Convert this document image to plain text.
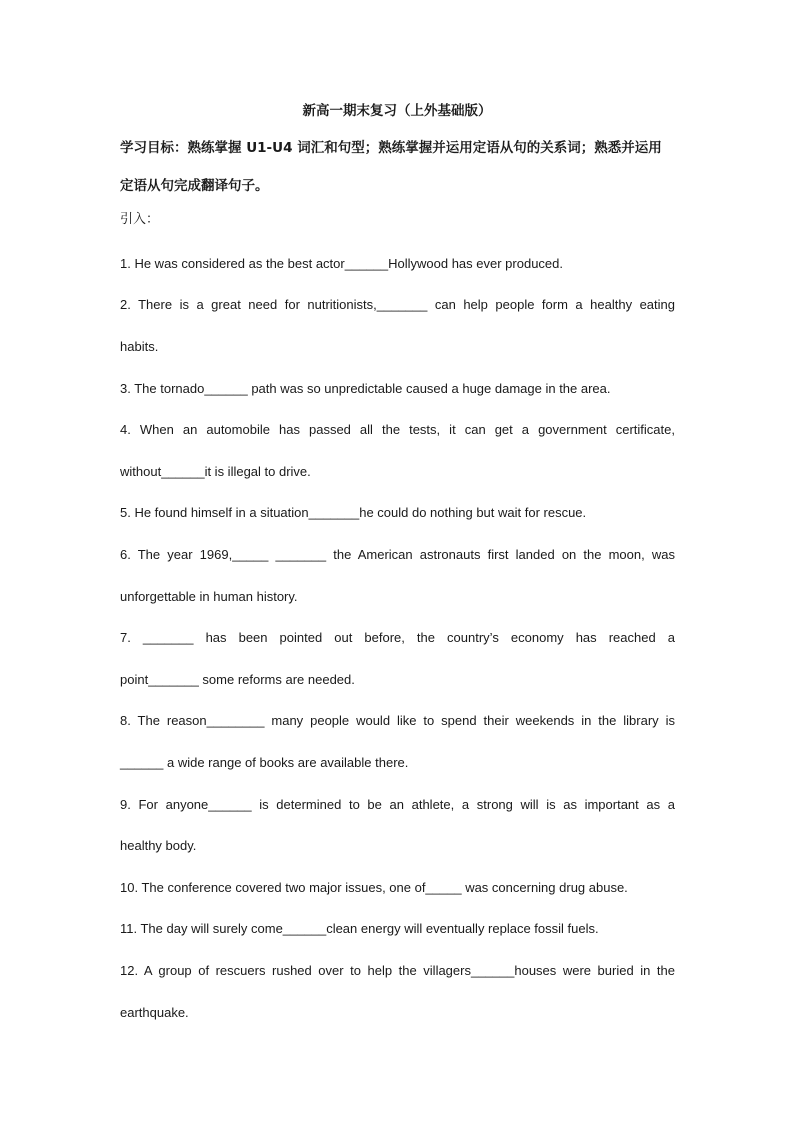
新高一期末复习（上外基础版）
学习目标：熟练掌握 U1-U4 词汇和句型；熟练掌握并运用定语从句的关系词；熟悉并运用
定语从句完成翻译句子。
引入：
1. He was considered as the best actor______Hollywood has ever produced.
2. There is a great need for nutritionists,_______ can help people form a healthy eating
habits.
3. The tornado______ path was so unpredictable caused a huge damage in the area.
4. When an automobile has passed all the tests, it can get a government certificate,
without______it is illegal to drive.
5. He found himself in a situation_______he could do nothing but wait for rescue.
6. The year 1969,_____ _______ the American astronauts first landed on the moon, was
unforgettable in human history.
7. _______ has been pointed out before, the country’s economy has reached a
point_______ some reforms are needed.
8. The reason________ many people would like to spend their weekends in the library is
______ a wide range of books are available there.
9. For anyone______ is determined to be an athlete, a strong will is as important as a
healthy body.
10. The conference covered two major issues, one of_____ was concerning drug abuse.
11. The day will surely come______clean energy will eventually replace fossil fuels.
12. A group of rescuers rushed over to help the villagers______houses were buried in the
earthquake.
